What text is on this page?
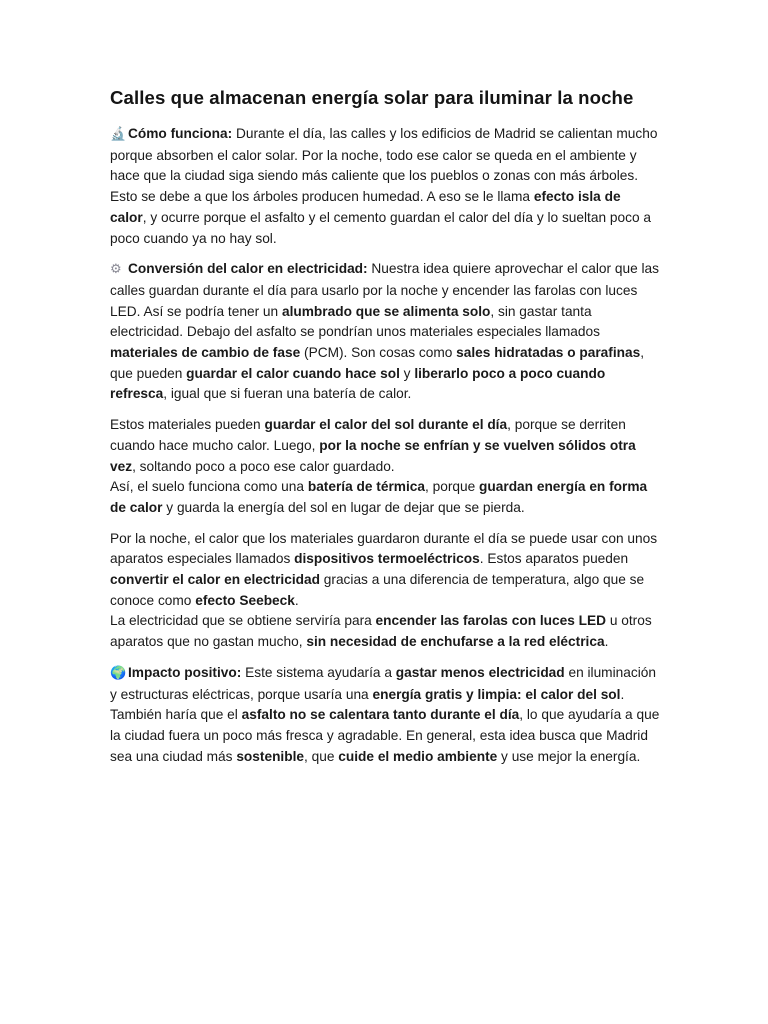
Calles que almacenan energía solar para iluminar la noche

🔬 Cómo funciona: Durante el día, las calles y los edificios de Madrid se calientan mucho porque absorben el calor solar. Por la noche, todo ese calor se queda en el ambiente y hace que la ciudad siga siendo más caliente que los pueblos o zonas con más árboles. Esto se debe a que los árboles producen humedad. A eso se le llama efecto isla de calor, y ocurre porque el asfalto y el cemento guardan el calor del día y lo sueltan poco a poco cuando ya no hay sol.

⚙ Conversión del calor en electricidad: Nuestra idea quiere aprovechar el calor que las calles guardan durante el día para usarlo por la noche y encender las farolas con luces LED. Así se podría tener un alumbrado que se alimenta solo, sin gastar tanta electricidad. Debajo del asfalto se pondrían unos materiales especiales llamados materiales de cambio de fase (PCM). Son cosas como sales hidratadas o parafinas, que pueden guardar el calor cuando hace sol y liberarlo poco a poco cuando refresca, igual que si fueran una batería de calor.

Estos materiales pueden guardar el calor del sol durante el día, porque se derriten cuando hace mucho calor. Luego, por la noche se enfrían y se vuelven sólidos otra vez, soltando poco a poco ese calor guardado.

Así, el suelo funciona como una batería de térmica, porque guardan energía en forma de calor y guarda la energía del sol en lugar de dejar que se pierda.

Por la noche, el calor que los materiales guardaron durante el día se puede usar con unos aparatos especiales llamados dispositivos termoeléctricos. Estos aparatos pueden convertir el calor en electricidad gracias a una diferencia de temperatura, algo que se conoce como efecto Seebeck.

La electricidad que se obtiene serviría para encender las farolas con luces LED u otros aparatos que no gastan mucho, sin necesidad de enchufarse a la red eléctrica.

🌍 Impacto positivo: Este sistema ayudaría a gastar menos electricidad en iluminación y estructuras eléctricas, porque usaría una energía gratis y limpia: el calor del sol. También haría que el asfalto no se calentara tanto durante el día, lo que ayudaría a que la ciudad fuera un poco más fresca y agradable. En general, esta idea busca que Madrid sea una ciudad más sostenible, que cuide el medio ambiente y use mejor la energía.
